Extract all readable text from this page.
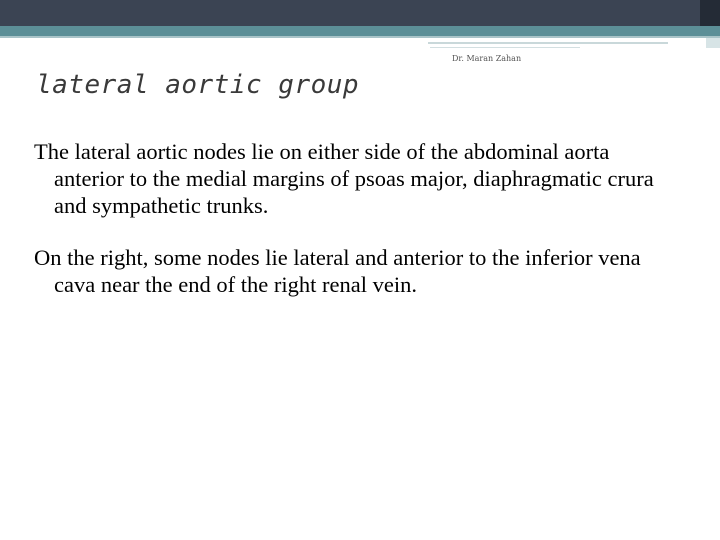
Dr. Maran Zahan
lateral aortic group

The lateral aortic nodes lie on either side of the abdominal aorta anterior to the medial margins of psoas major, diaphragmatic crura and sympathetic trunks.

On the right, some nodes lie lateral and anterior to the inferior vena cava near the end of the right renal vein.
